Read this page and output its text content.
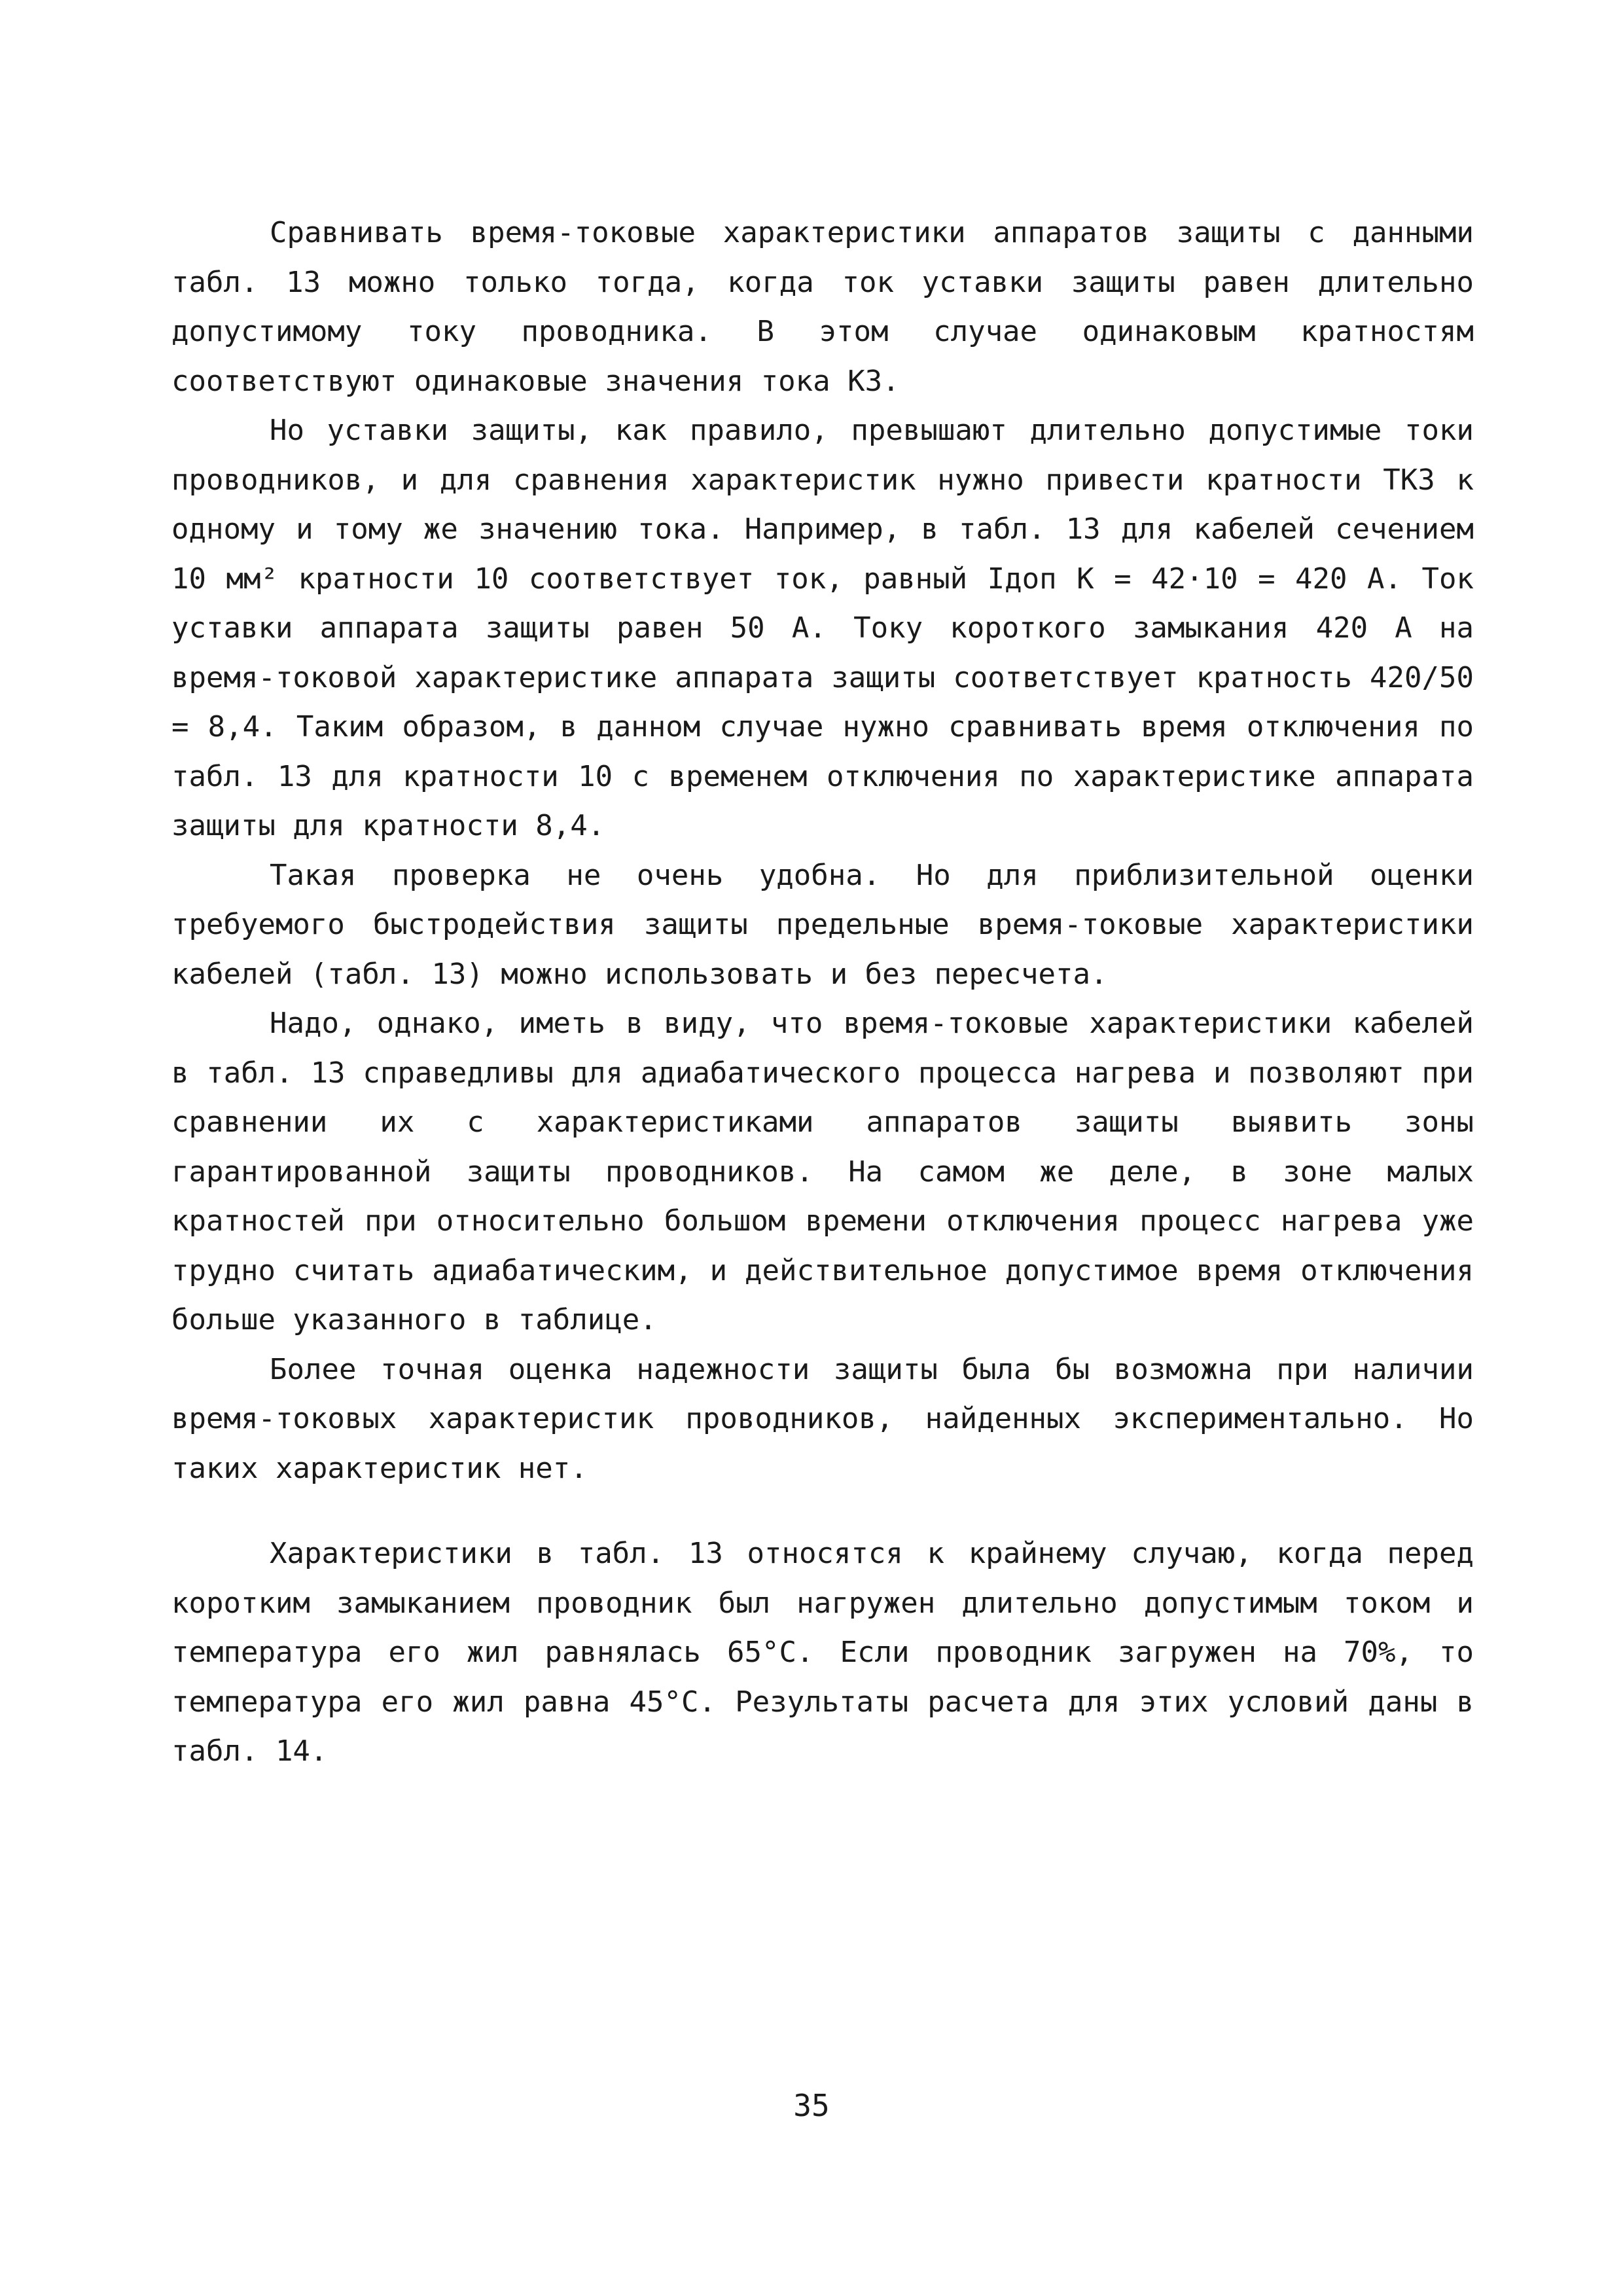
Сравнивать время-токовые характеристики аппаратов защиты с данными табл. 13 можно только тогда, когда ток уставки защиты равен длительно допустимому току проводника. В этом случае одинаковым кратностям соответствуют одинаковые значения тока КЗ.

Но уставки защиты, как правило, превышают длительно допустимые токи проводников, и для сравнения характеристик нужно привести кратности ТКЗ к одному и тому же значению тока. Например, в табл. 13 для кабелей сечением 10 мм² кратности 10 соответствует ток, равный Iдоп K = 42·10 = 420 А. Ток уставки аппарата защиты равен 50 А. Току короткого замыкания 420 А на время-токовой характеристике аппарата защиты соответствует кратность 420/50 = 8,4. Таким образом, в данном случае нужно сравнивать время отключения по табл. 13 для кратности 10 с временем отключения по характеристике аппарата защиты для кратности 8,4.

Такая проверка не очень удобна. Но для приблизительной оценки требуемого быстродействия защиты предельные время-токовые характеристики кабелей (табл. 13) можно использовать и без пересчета.

Надо, однако, иметь в виду, что время-токовые характеристики кабелей в табл. 13 справедливы для адиабатического процесса нагрева и позволяют при сравнении их с характеристиками аппаратов защиты выявить зоны гарантированной защиты проводников. На самом же деле, в зоне малых кратностей при относительно большом времени отключения процесс нагрева уже трудно считать адиабатическим, и действительное допустимое время отключения больше указанного в таблице.

Более точная оценка надежности защиты была бы возможна при наличии время-токовых характеристик проводников, найденных экспериментально. Но таких характеристик нет.

Характеристики в табл. 13 относятся к крайнему случаю, когда перед коротким замыканием проводник был нагружен длительно допустимым током и температура его жил равнялась 65°С. Если проводник загружен на 70%, то температура его жил равна 45°С. Результаты расчета для этих условий даны в табл. 14.

35
